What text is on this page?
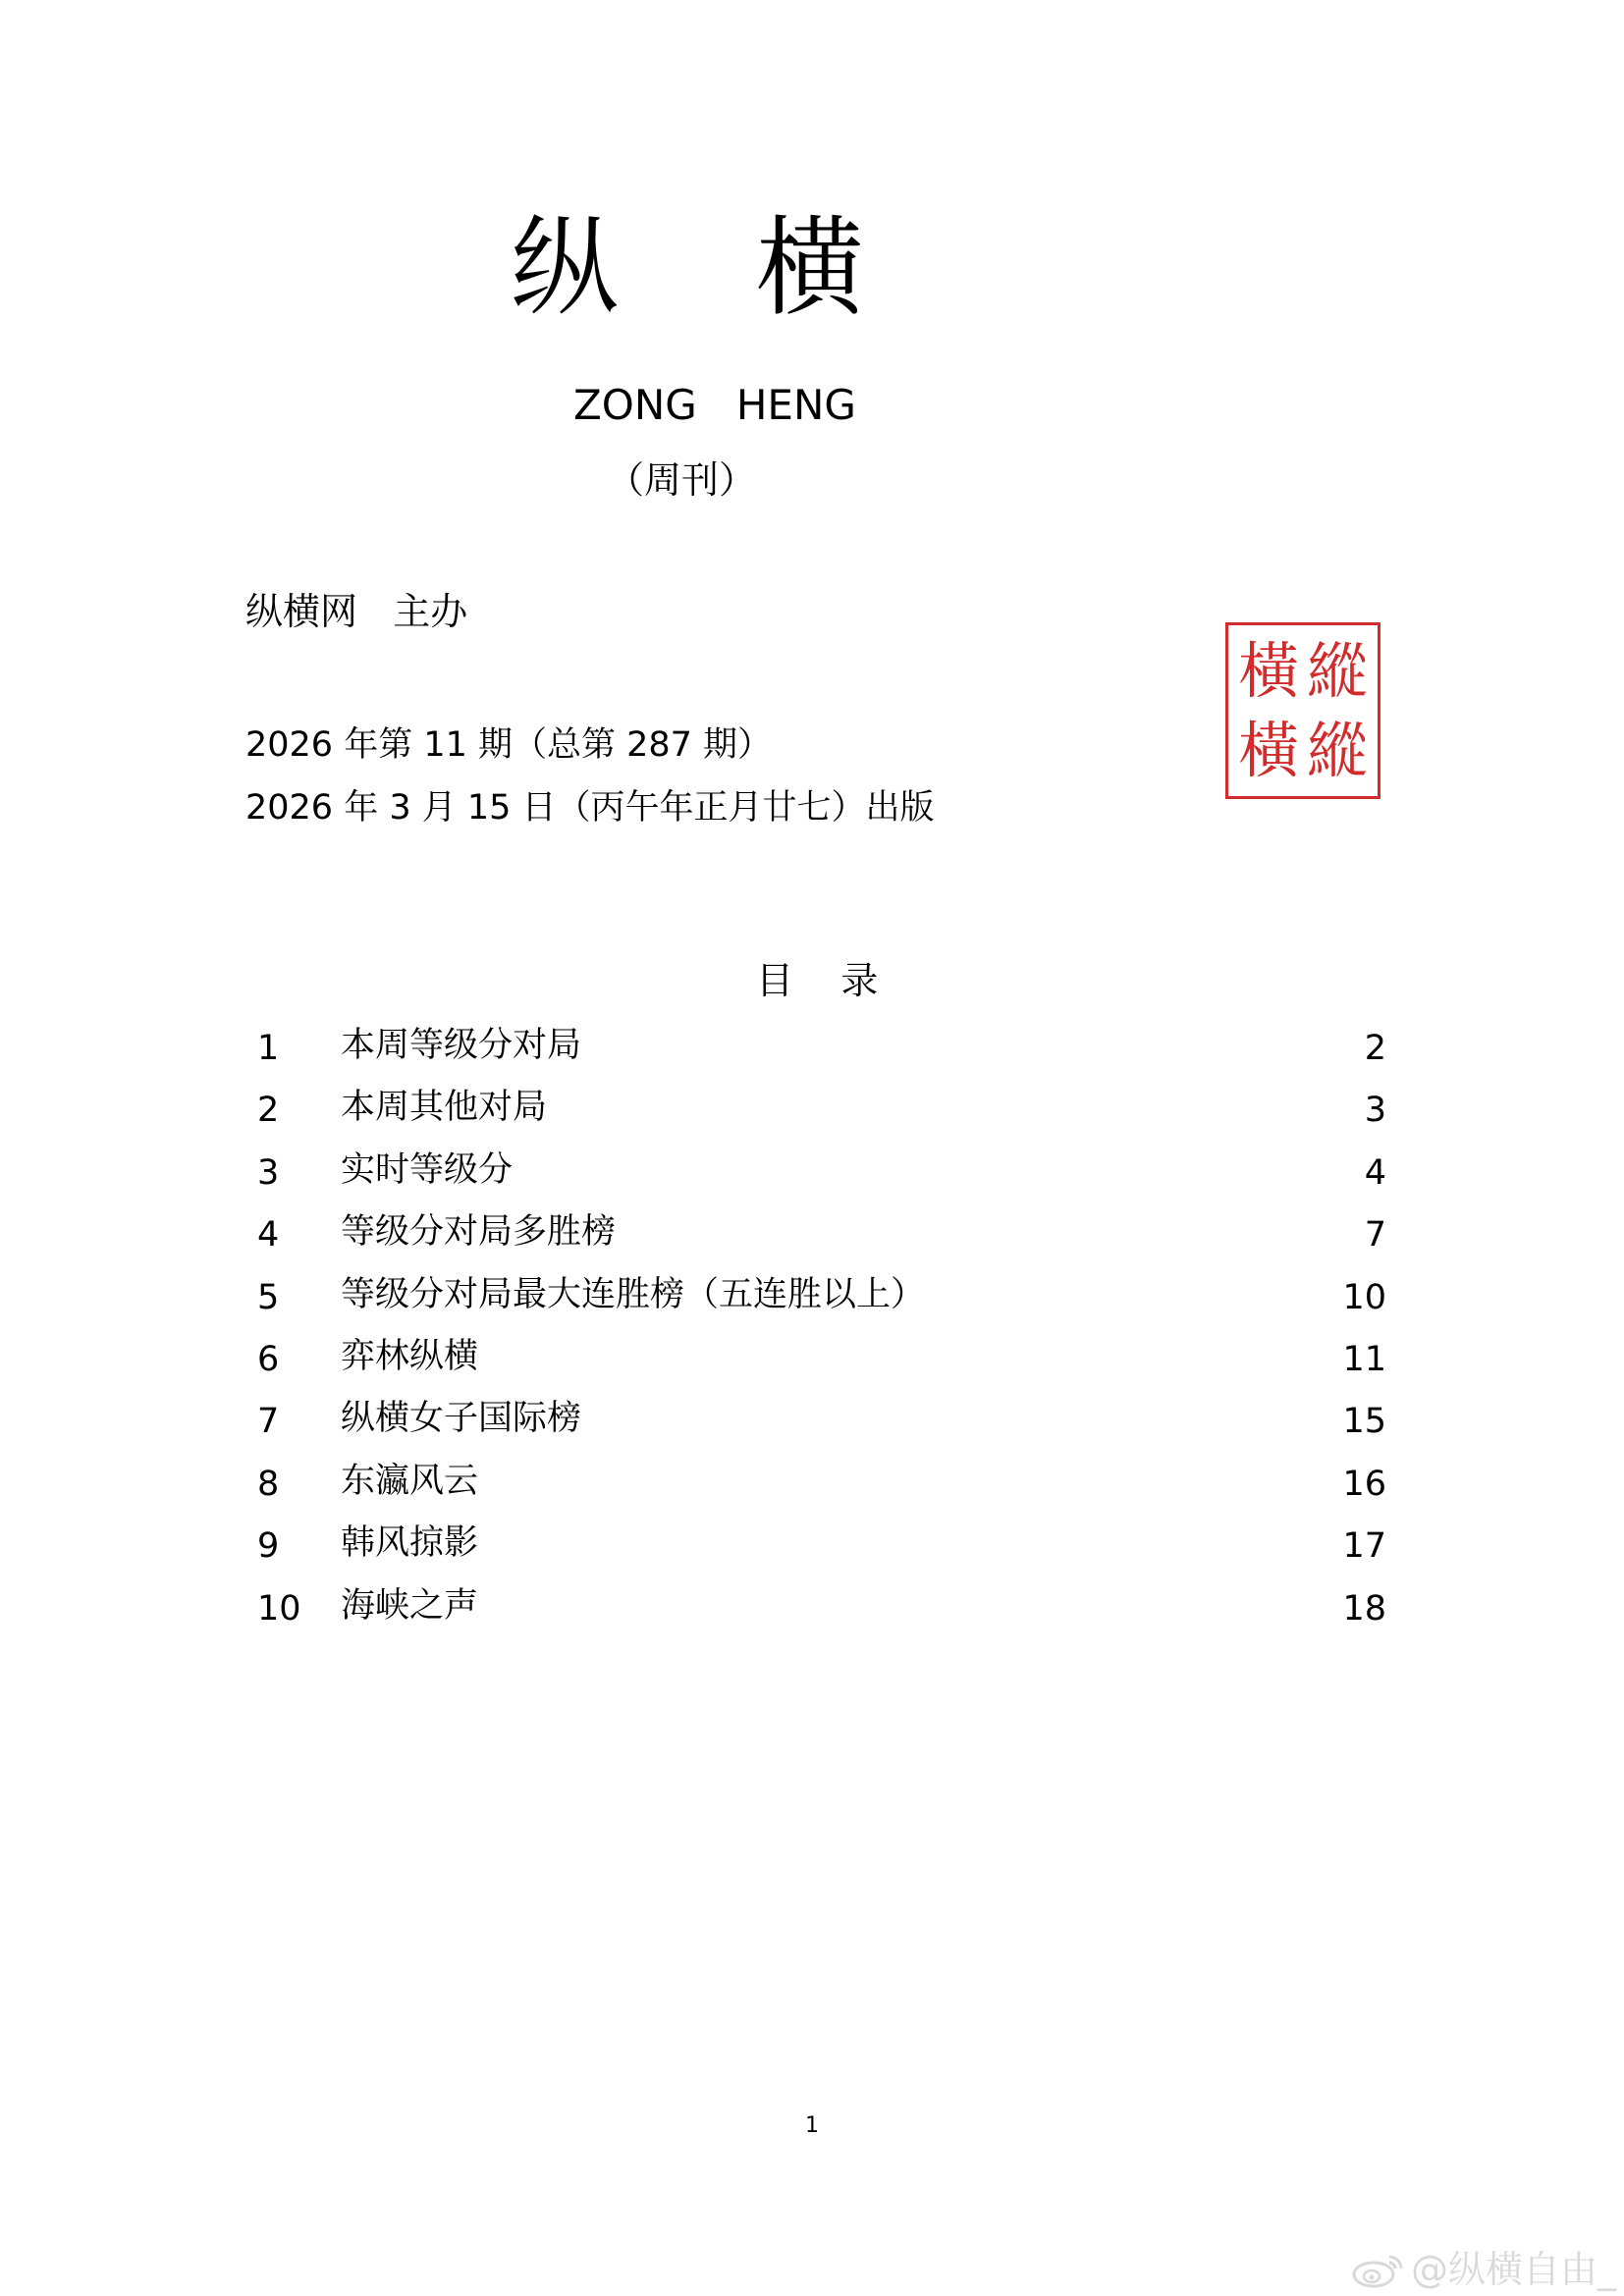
纵    横
ZONG   HENG
（周刊）
纵横网   主办
2026 年第 11 期（总第 287 期）
2026 年 3 月 15 日（丙午年正月廿七）出版
橫 縱
橫 縱
目    录
1 本周等级分对局	2
2 本周其他对局	3
3 实时等级分	4
4 等级分对局多胜榜	7
5 等级分对局最大连胜榜（五连胜以上）	10
6 弈林纵横	11
7 纵横女子国际榜	15
8 东瀛风云	16
9 韩风掠影	17
10 海峡之声	18
1
@纵横自由_
